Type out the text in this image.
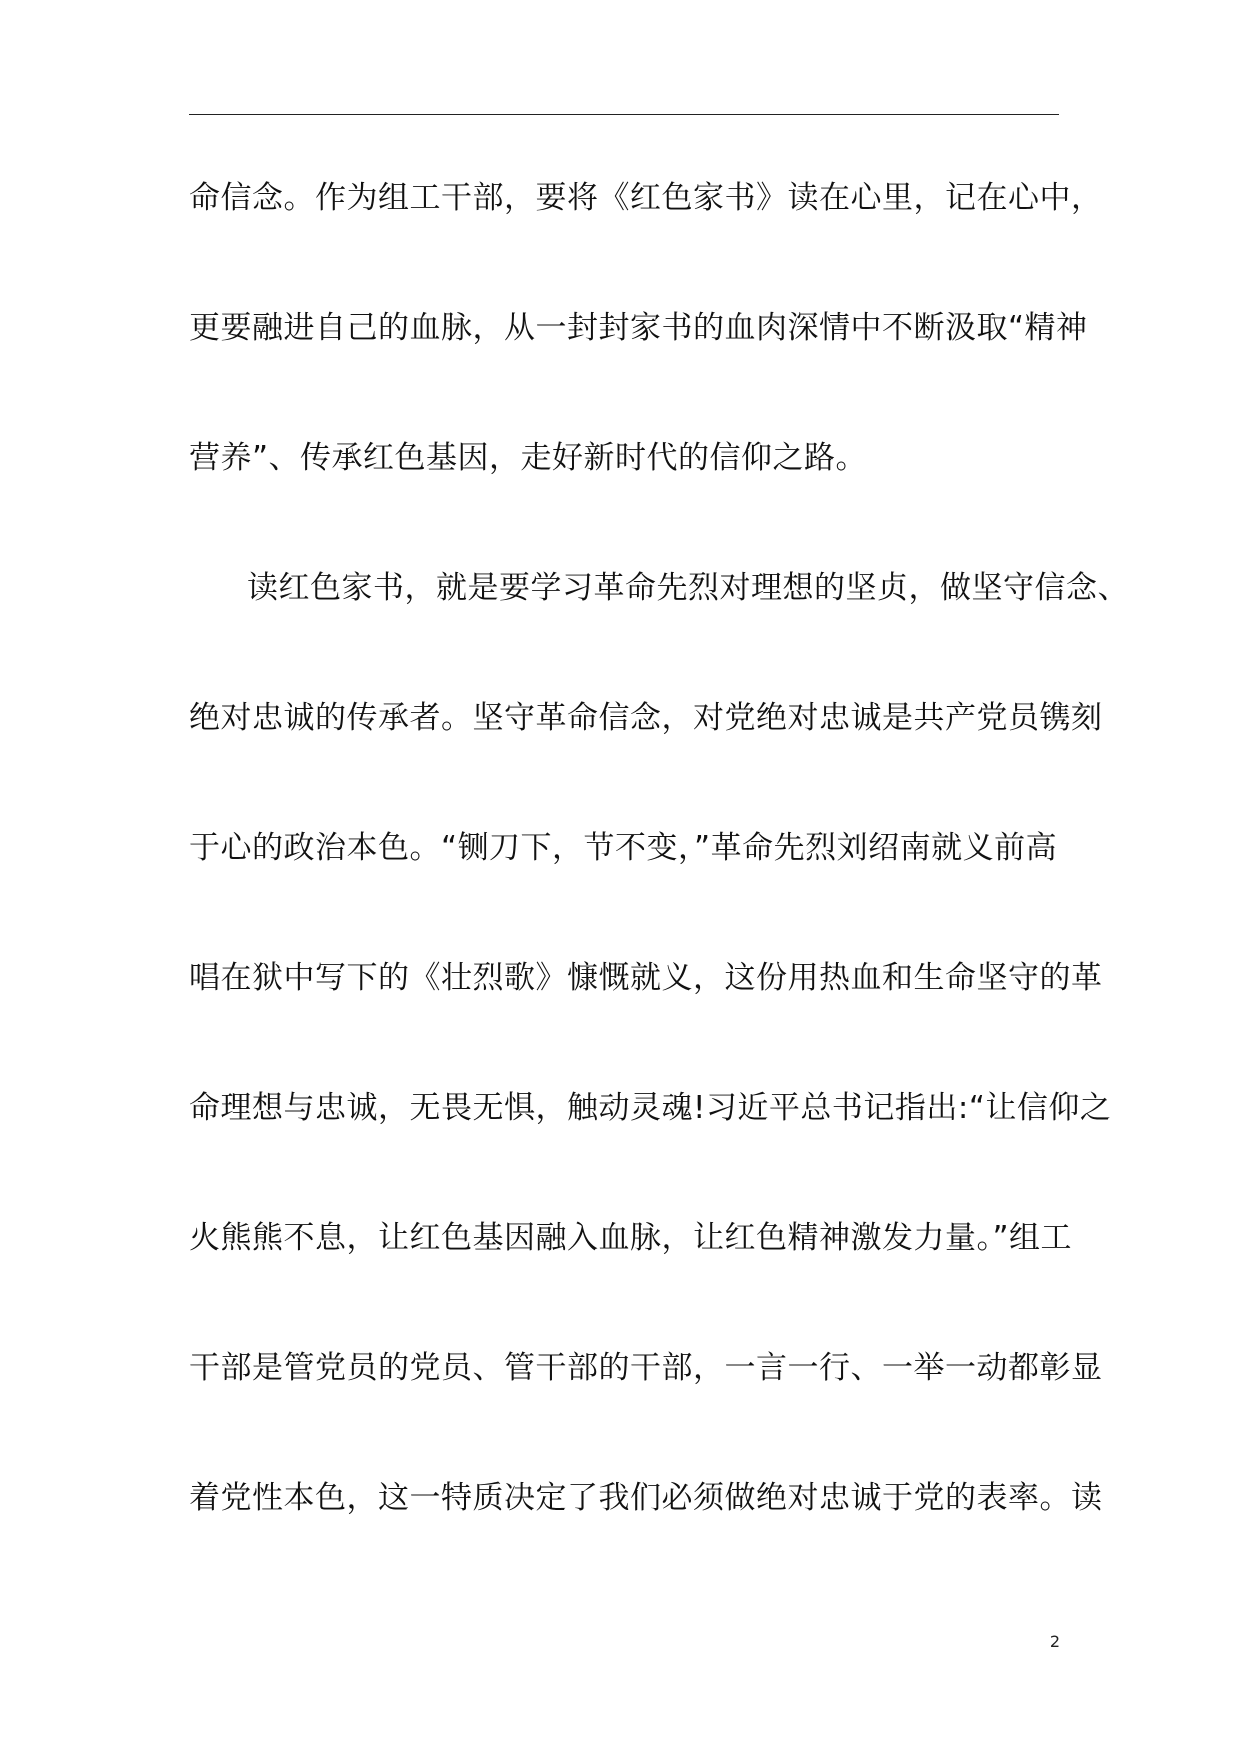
命信念。作为组工干部，要将《红色家书》读在心里，记在心中，
更要融进自己的血脉，从一封封家书的血肉深情中不断汲取“精神
营养”、传承红色基因，走好新时代的信仰之路。
读红色家书，就是要学习革命先烈对理想的坚贞，做坚守信念、
绝对忠诚的传承者。坚守革命信念，对党绝对忠诚是共产党员镌刻
于心的政治本色。“铡刀下，节不变，”革命先烈刘绍南就义前高
唱在狱中写下的《壮烈歌》慷慨就义，这份用热血和生命坚守的革
命理想与忠诚，无畏无惧，触动灵魂!习近平总书记指出:“让信仰之
火熊熊不息，让红色基因融入血脉，让红色精神激发力量。”组工
干部是管党员的党员、管干部的干部，一言一行、一举一动都彰显
着党性本色，这一特质决定了我们必须做绝对忠诚于党的表率。读
2
